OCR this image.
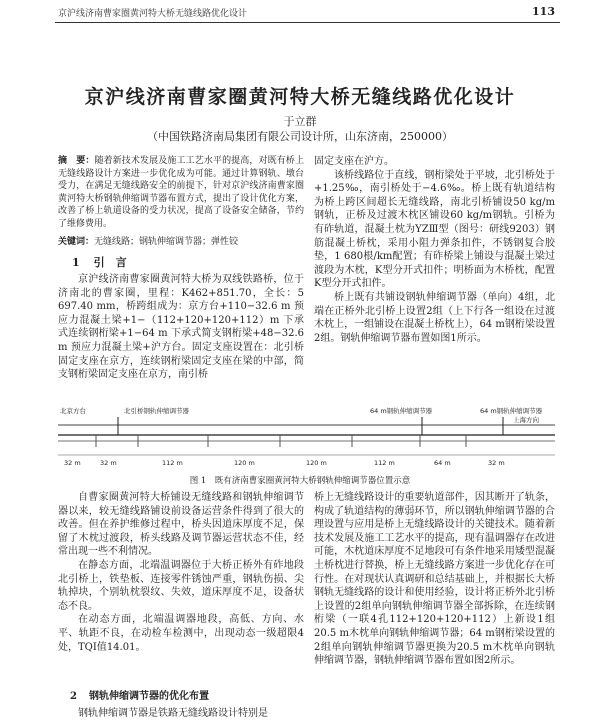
京沪线济南曹家圈黄河特大桥无缝线路优化设计	113
京沪线济南曹家圈黄河特大桥无缝线路优化设计
于立群
（中国铁路济南局集团有限公司设计所，山东济南，250000）
摘　要：随着新技术发展及施工工艺水平的提高，对既有桥上无缝线路设计方案进一步优化成为可能。通过计算钢轨、墩台受力，在满足无缝线路安全的前提下，针对京沪线济南曹家圈黄河特大桥钢轨伸缩调节器布置方式，提出了设计优化方案，改善了桥上轨道设备的受力状况，提高了设备安全储备，节约了维修费用。
关键词：无缝线路；钢轨伸缩调节器；弹性铰
1 引　言

京沪线济南曹家圈黄河特大桥为双线铁路桥，位于济南北的曹家圈，里程：K462+851.70，全长：5 697.40 mm，桥跨组成为：京方台+110−32.6 m 预应力混凝土梁+1−（112+120+120+112）m 下承式连续钢桁梁+1−64 m 下承式简支钢桁梁+48−32.6 m 预应力混凝土梁+沪方台。固定支座设置在：北引桥固定支座在京方，连续钢桁梁固定支座在梁的中部，简支钢桁梁固定支座在京方，南引桥

固定支座在沪方。

该桥线路位于直线，钢桁梁处于平坡，北引桥处于+1.25‰，南引桥处于−4.6‰。桥上既有轨道结构为桥上跨区间超长无缝线路，南北引桥铺设50 kg/m钢轨，正桥及过渡木枕区铺设60 kg/m钢轨。引桥为有砟轨道，混凝土枕为YZⅢ型（图号：研线9203）钢筋混凝土桥枕，采用小阻力弹条扣件，不锈钢复合胶垫，1 680根/km配置；有砟桥梁上铺设与混凝土梁过渡段为木枕，K型分开式扣件；明桥面为木桥枕，配置K型分开式扣件。

桥上既有共铺设钢轨伸缩调节器（单向）4组，北端在正桥外北引桥上设置2组（上下行各一组设在过渡木枕上，一组铺设在混凝土桥枕上），64 m钢桁梁设置2组。钢轨伸缩调节器布置如图1所示。

北京方台	北引桥钢轨伸缩调节器	64 m钢轨伸缩调节器	64 m钢轨伸缩调节器
上海方向
32 m	32 m	112 m	120 m	120 m	112 m	64 m	32 m
图 1　既有济南曹家圈黄河特大桥钢轨伸缩调节器位置示意

自曹家圈黄河特大桥铺设无缝线路和钢轨伸缩调节器以来，较无缝线路铺设前设备运营条件得到了很大的改善。但在养护维修过程中，桥头因道床厚度不足，保留了木枕过渡段，桥头线路及调节器运营状态不佳，经常出现一些不利情况。

在静态方面，北端温调器位于大桥正桥外有砟地段北引桥上，铁垫板、连接零件锈蚀严重，钢轨伤损、尖轨掉块，个别轨枕裂纹、失效，道床厚度不足，设备状态不良。

在动态方面，北端温调器地段，高低、方向、水平、轨距不良，在动检车检测中，出现动态一级超限4处，TQI值14.01。

2 钢轨伸缩调节器的优化布置
钢轨伸缩调节器是铁路无缝线路设计特别是

桥上无缝线路设计的重要轨道部件，因其断开了轨条，构成了轨道结构的薄弱环节，所以钢轨伸缩调节器的合理设置与应用是桥上无缝线路设计的关键技术。随着新技术发展及施工工艺水平的提高，现有温调器存在改进可能，木枕道床厚度不足地段可有条件地采用矮型混凝土桥枕进行替换，桥上无缝线路方案进一步优化存在可行性。在对现状认真调研和总结基础上，并根据长大桥钢轨无缝线路的设计和使用经验，设计将正桥外北引桥上设置的2组单向钢轨伸缩调节器全部拆除，在连续钢桁梁（一联4孔112+120+120+112）上新设1组20.5 m木枕单向钢轨伸缩调节器；64 m钢桁梁设置的2组单向钢轨伸缩调节器更换为20.5 m木枕单向钢轨伸缩调节器，钢轨伸缩调节器布置如图2所示。
